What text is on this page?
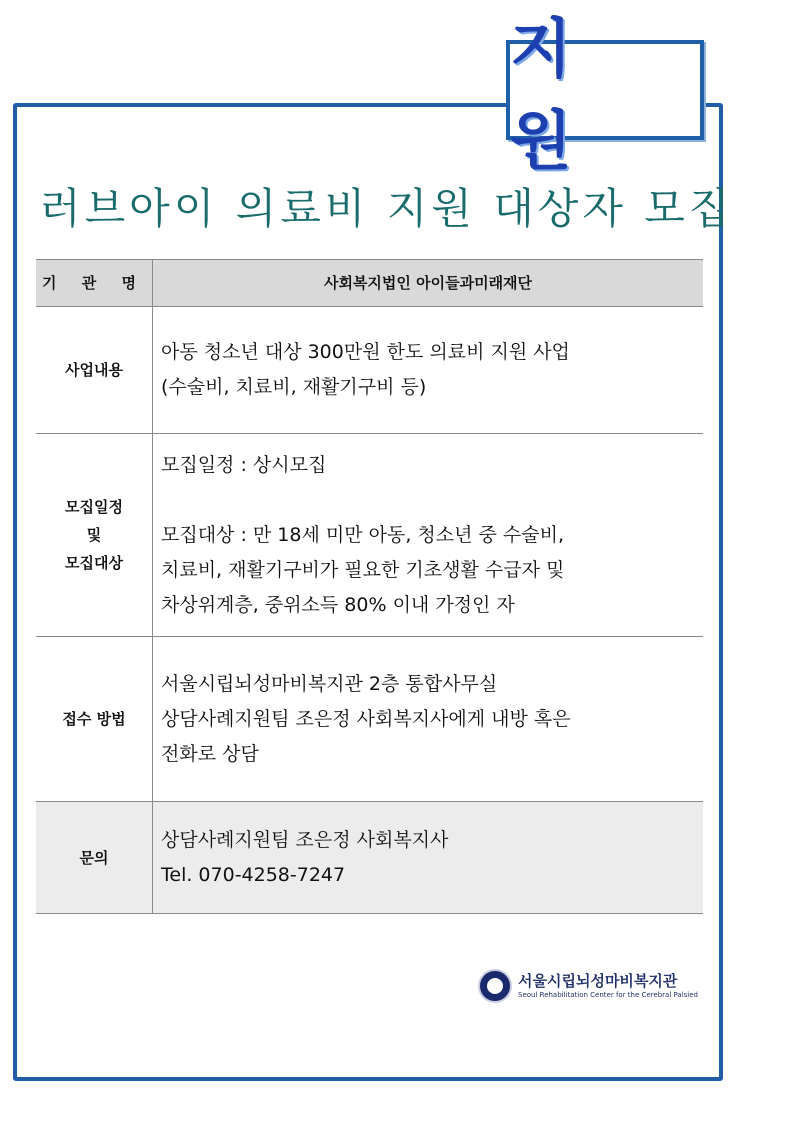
지 원
러브아이 의료비 지원 대상자 모집
기 관 명	사회복지법인 아이들과미래재단
사업내용	아동 청소년 대상 300만원 한도 의료비 지원 사업
(수술비, 치료비, 재활기구비 등)

모집일정
및
모집대상	모집일정 : 상시모집
모집대상 : 만 18세 미만 아동, 청소년 중 수술비,
치료비, 재활기구비가 필요한 기초생활 수급자 및
차상위계층, 중위소득 80% 이내 가정인 자

접수 방법	서울시립뇌성마비복지관 2층 통합사무실
상담사례지원팀 조은정 사회복지사에게 내방 혹은
전화로 상담

문의	상담사례지원팀 조은정 사회복지사
Tel. 070-4258-7247
서울시립뇌성마비복지관
Seoul Rehabilitation Center for the Cerebral Palsied
